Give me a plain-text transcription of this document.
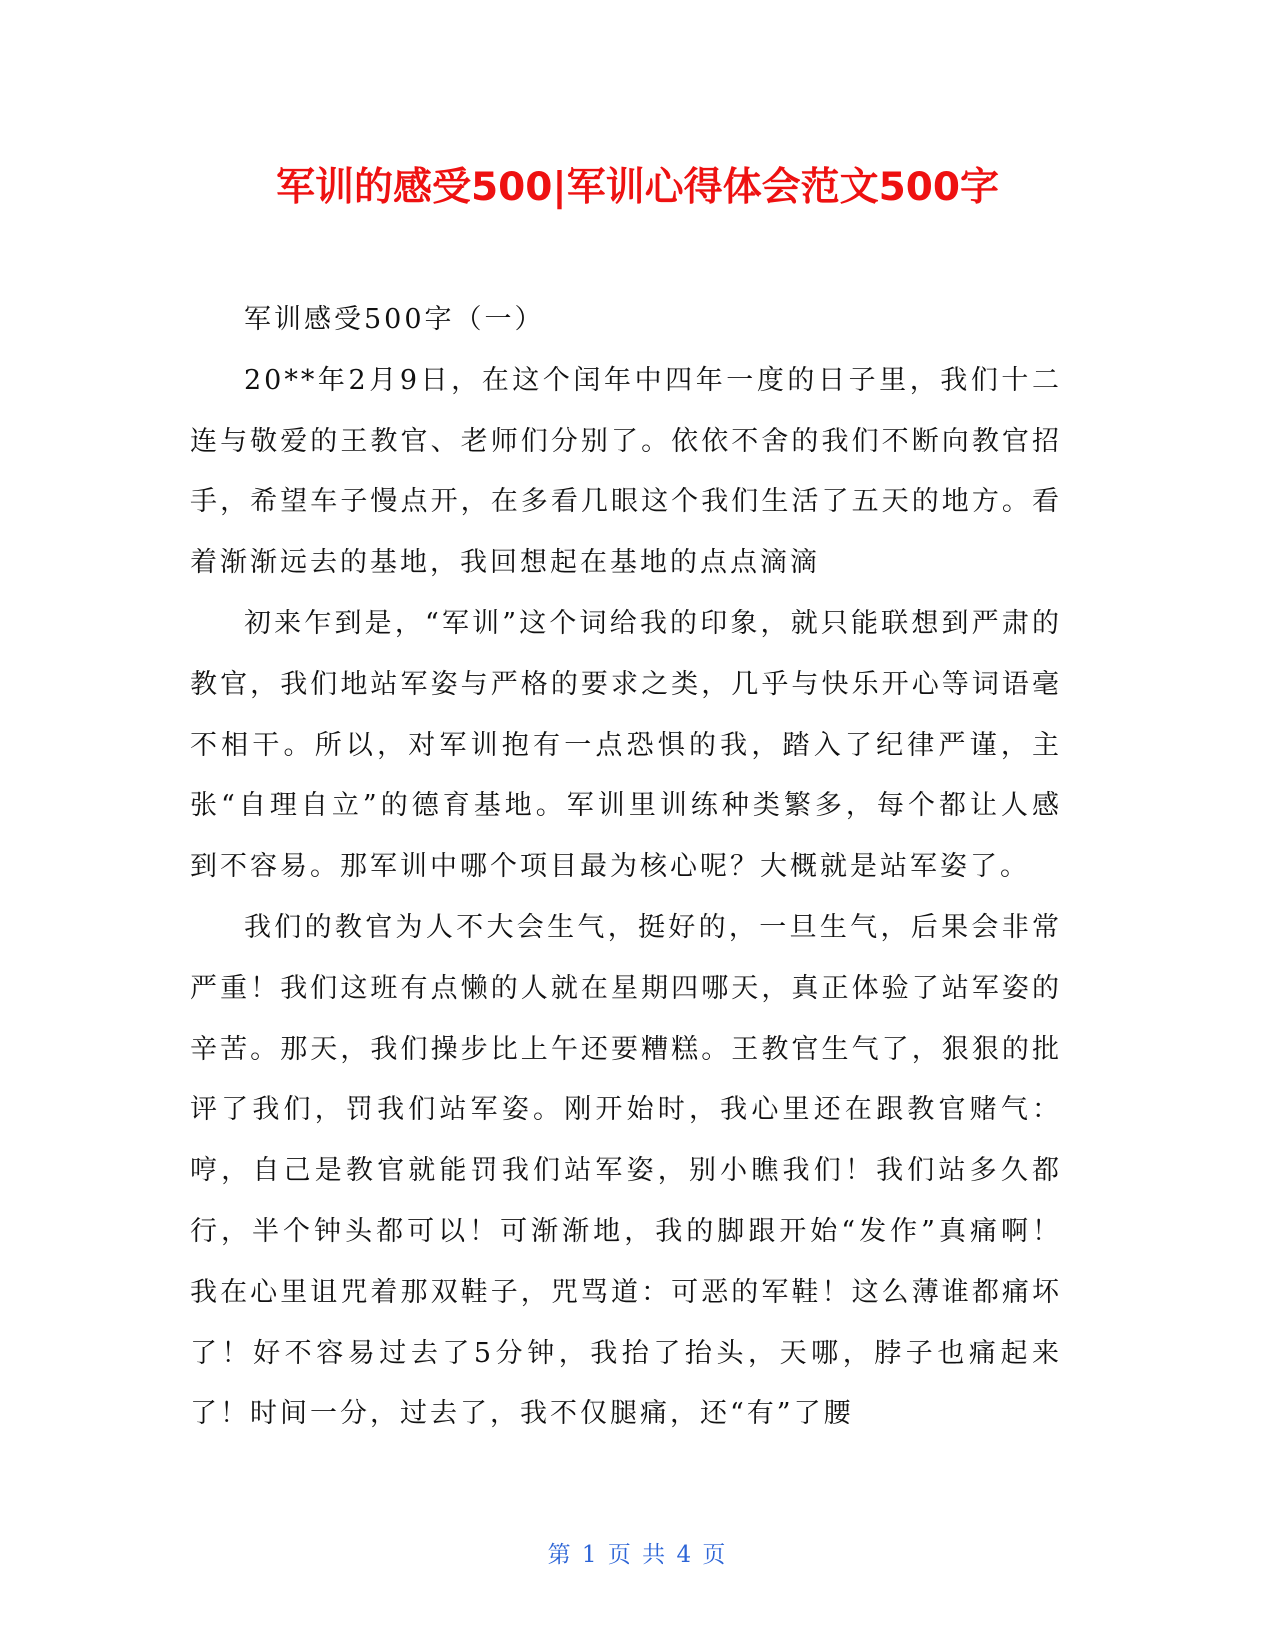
军训的感受500|军训心得体会范文500字

军训感受500字（一）

20**年2月9日，在这个闰年中四年一度的日子里，我们十二连与敬爱的王教官、老师们分别了。依依不舍的我们不断向教官招手，希望车子慢点开，在多看几眼这个我们生活了五天的地方。看着渐渐远去的基地，我回想起在基地的点点滴滴

初来乍到是，“军训”这个词给我的印象，就只能联想到严肃的教官，我们地站军姿与严格的要求之类，几乎与快乐开心等词语毫不相干。所以，对军训抱有一点恐惧的我，踏入了纪律严谨，主张“自理自立”的德育基地。军训里训练种类繁多，每个都让人感到不容易。那军训中哪个项目最为核心呢？大概就是站军姿了。

我们的教官为人不大会生气，挺好的，一旦生气，后果会非常严重！我们这班有点懒的人就在星期四哪天，真正体验了站军姿的辛苦。那天，我们操步比上午还要糟糕。王教官生气了，狠狠的批评了我们，罚我们站军姿。刚开始时，我心里还在跟教官赌气：哼，自己是教官就能罚我们站军姿，别小瞧我们！我们站多久都行，半个钟头都可以！可渐渐地，我的脚跟开始“发作”真痛啊！我在心里诅咒着那双鞋子，咒骂道：可恶的军鞋！这么薄谁都痛坏了！好不容易过去了5分钟，我抬了抬头，天哪，脖子也痛起来了！时间一分，过去了，我不仅腿痛，还“有”了腰

第 1 页 共 4 页
